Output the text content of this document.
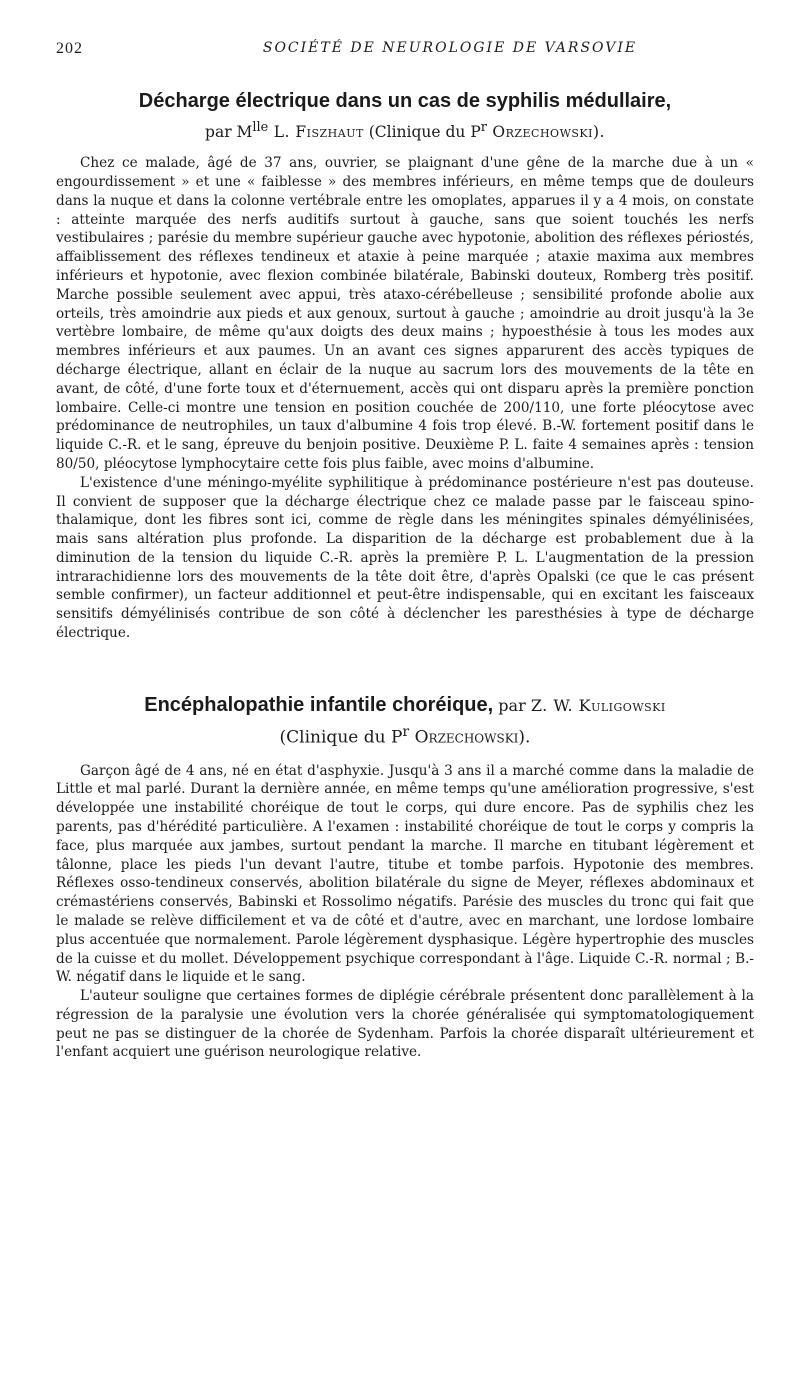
202	SOCIÉTÉ DE NEUROLOGIE DE VARSOVIE
Décharge électrique dans un cas de syphilis médullaire,

par $M^{lle}$ L. Fiszhaut (Clinique du $P^r$ Orzechowski).

Chez ce malade, âgé de 37 ans, ouvrier, se plaignant d'une gêne de la marche due à un « engourdissement » et une « faiblesse » des membres inférieurs, en même temps que de douleurs dans la nuque et dans la colonne vertébrale entre les omoplates, apparues il y a 4 mois, on constate : atteinte marquée des nerfs auditifs surtout à gauche, sans que soient touchés les nerfs vestibulaires ; parésie du membre supérieur gauche avec hypotonie, abolition des réflexes périostés, affaiblissement des réflexes tendineux et ataxie à peine marquée ; ataxie maxima aux membres inférieurs et hypotonie, avec flexion combinée bilatérale, Babinski douteux, Romberg très positif. Marche possible seulement avec appui, très ataxo-cérébelleuse ; sensibilité profonde abolie aux orteils, très amoindrie aux pieds et aux genoux, surtout à gauche ; amoindrie au droit jusqu'à la 3e vertèbre lombaire, de même qu'aux doigts des deux mains ; hypoesthésie à tous les modes aux membres inférieurs et aux paumes. Un an avant ces signes apparurent des accès typiques de décharge électrique, allant en éclair de la nuque au sacrum lors des mouvements de la tête en avant, de côté, d'une forte toux et d'éternuement, accès qui ont disparu après la première ponction lombaire. Celle-ci montre une tension en position couchée de 200/110, une forte pléocytose avec prédominance de neutrophiles, un taux d'albumine 4 fois trop élevé. B.-W. fortement positif dans le liquide C.-R. et le sang, épreuve du benjoin positive. Deuxième P. L. faite 4 semaines après : tension 80/50, pléocytose lymphocytaire cette fois plus faible, avec moins d'albumine.

L'existence d'une méningo-myélite syphilitique à prédominance postérieure n'est pas douteuse. Il convient de supposer que la décharge électrique chez ce malade passe par le faisceau spino-thalamique, dont les fibres sont ici, comme de règle dans les méningites spinales démyélinisées, mais sans altération plus profonde. La disparition de la décharge est probablement due à la diminution de la tension du liquide C.-R. après la première P. L. L'augmentation de la pression intrarachidienne lors des mouvements de la tête doit être, d'après Opalski (ce que le cas présent semble confirmer), un facteur additionnel et peut-être indispensable, qui en excitant les faisceaux sensitifs démyélinisés contribue de son côté à déclencher les paresthésies à type de décharge électrique.

Encéphalopathie infantile choréique, par Z. W. Kuligowski

(Clinique du $P^r$ Orzechowski).

Garçon âgé de 4 ans, né en état d'asphyxie. Jusqu'à 3 ans il a marché comme dans la maladie de Little et mal parlé. Durant la dernière année, en même temps qu'une amélioration progressive, s'est développée une instabilité choréique de tout le corps, qui dure encore. Pas de syphilis chez les parents, pas d'hérédité particulière. A l'examen : instabilité choréique de tout le corps y compris la face, plus marquée aux jambes, surtout pendant la marche. Il marche en titubant légèrement et tâlonne, place les pieds l'un devant l'autre, titube et tombe parfois. Hypotonie des membres. Réflexes osso-tendineux conservés, abolition bilatérale du signe de Meyer, réflexes abdominaux et crémastériens conservés, Babinski et Rossolimo négatifs. Parésie des muscles du tronc qui fait que le malade se relève difficilement et va de côté et d'autre, avec en marchant, une lordose lombaire plus accentuée que normalement. Parole légèrement dysphasique. Légère hypertrophie des muscles de la cuisse et du mollet. Développement psychique correspondant à l'âge. Liquide C.-R. normal ; B.-W. négatif dans le liquide et le sang.

L'auteur souligne que certaines formes de diplégie cérébrale présentent donc parallèlement à la régression de la paralysie une évolution vers la chorée généralisée qui symptomatologiquement peut ne pas se distinguer de la chorée de Sydenham. Parfois la chorée disparaît ultérieurement et l'enfant acquiert une guérison neurologique relative.
